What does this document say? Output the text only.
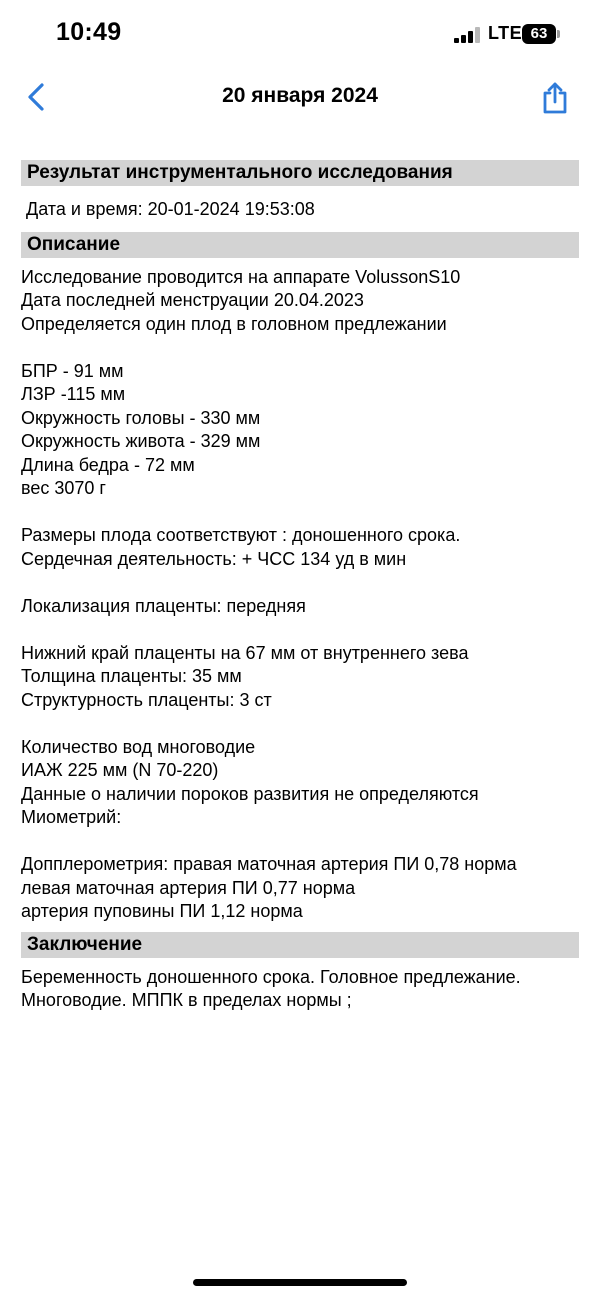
10:49	LTE 63
20 января 2024
Результат инструментального исследования
Дата и время: 20-01-2024 19:53:08
Описание
Исследование проводится на аппарате VolussonS10
Дата последней менструации 20.04.2023
Определяется один плод в головном предлежании

БПР - 91 мм
ЛЗР -115 мм
Окружность головы - 330 мм
Окружность живота - 329 мм
Длина бедра - 72 мм
вес 3070 г

Размеры плода соответствуют : доношенного срока.
Сердечная деятельность: + ЧСС 134 уд в мин

Локализация плаценты: передняя

Нижний край плаценты на 67 мм от внутреннего зева
Толщина плаценты: 35 мм
Структурность плаценты: 3 ст

Количество вод многоводие
ИАЖ 225 мм (N 70-220)
Данные о наличии пороков развития не определяются
Миометрий:

Допплерометрия: правая маточная артерия ПИ 0,78 норма
левая маточная артерия ПИ 0,77 норма
артерия пуповины ПИ 1,12 норма
Заключение
Беременность доношенного срока. Головное предлежание.
Многоводие. МППК в пределах нормы ;
